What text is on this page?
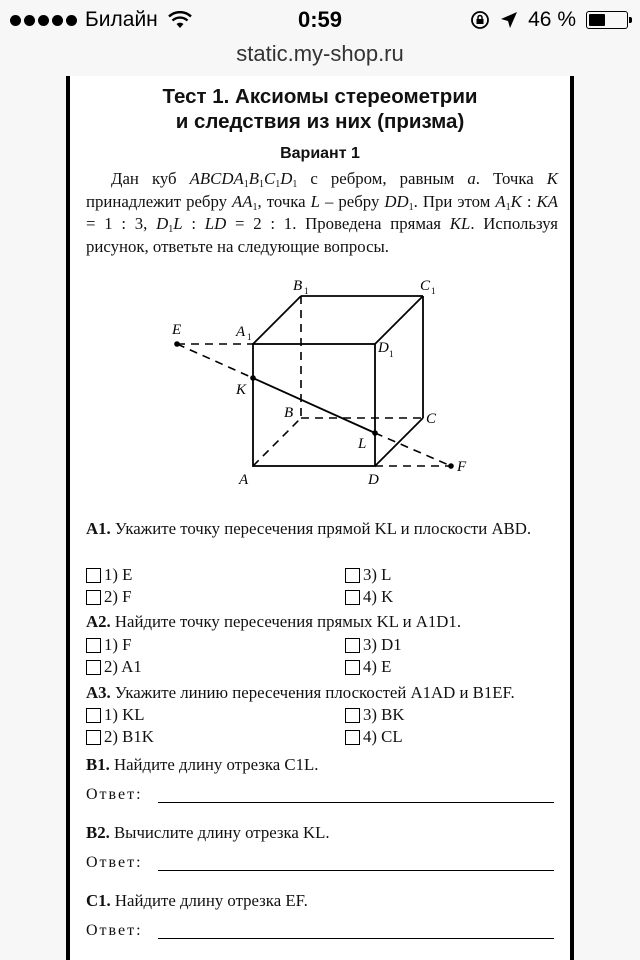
Билайн	0:59	46 %
static.my-shop.ru
Тест 1. Аксиомы стереометрии
и следствия из них (призма)
Вариант 1
Дан куб $ABCDA_1B_1C_1D_1$ с ребром, равным a. Точка K принадлежит ребру $AA_1$, точка L – ребру $DD_1$. При этом $A_1K$ : KA = 1 : 3, $D_1L$ : LD = 2 : 1. Проведена прямая KL. Используя рисунок, ответьте на следующие вопросы.
E	A 1
B 1	C 1
D 1
K
B	C
L
F
A	D
A1. Укажите точку пересечения прямой KL и плоскости ABD.
1) E
2) F
3) L
4) K
A2. Найдите точку пересечения прямых KL и A1D1.
1) F
2) A1
3) D1
4) E
A3. Укажите линию пересечения плоскостей A1AD и B1EF.
1) KL
2) B1K
3) BK
4) CL
B1. Найдите длину отрезка C1L.
Ответ:
B2. Вычислите длину отрезка KL.
Ответ:
C1. Найдите длину отрезка EF.
Ответ:
